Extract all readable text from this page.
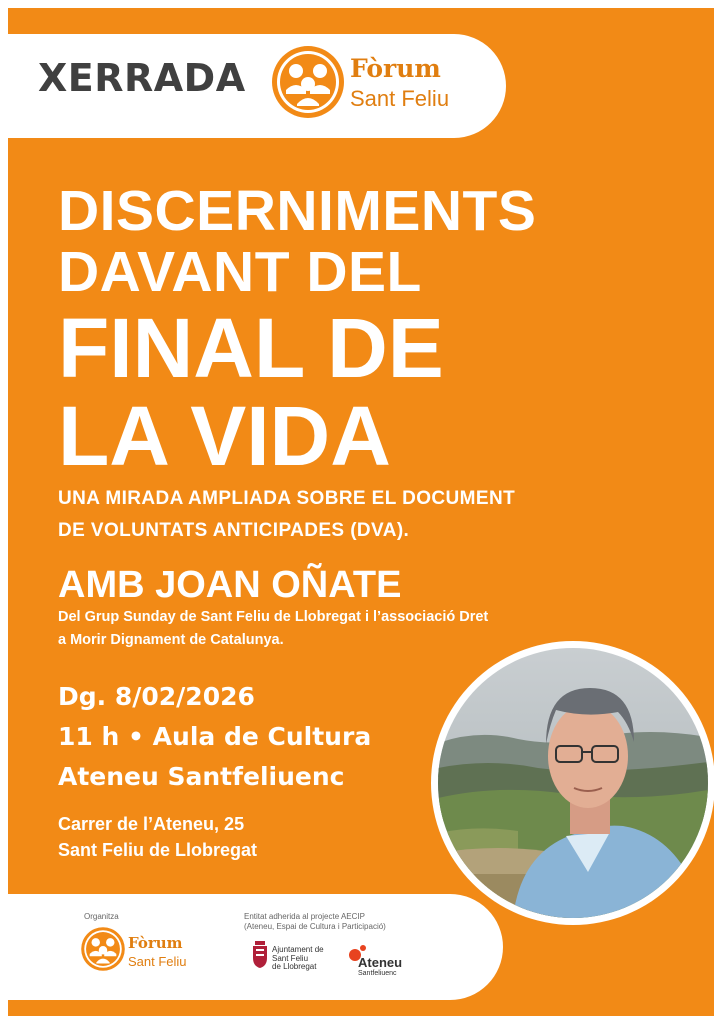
XERRADA	Fòrum
Sant Feliu
DISCERNIMENTS
DAVANT DEL
FINAL DE
LA VIDA
UNA MIRADA AMPLIADA SOBRE EL DOCUMENT
DE VOLUNTATS ANTICIPADES (DVA).
AMB JOAN OÑATE
Del Grup Sunday de Sant Feliu de Llobregat i l’associació Dret
a Morir Dignament de Catalunya.
Dg. 8/02/2026
11 h • Aula de Cultura
Ateneu Santfeliuenc
Carrer de l’Ateneu, 25
Sant Feliu de Llobregat
Organitza
Fòrum
Sant Feliu
Entitat adherida al projecte AECIP
(Ateneu, Espai de Cultura i Participació)
Ajuntament de
Sant Feliu
de Llobregat	Ateneu
Santfeliuenc
